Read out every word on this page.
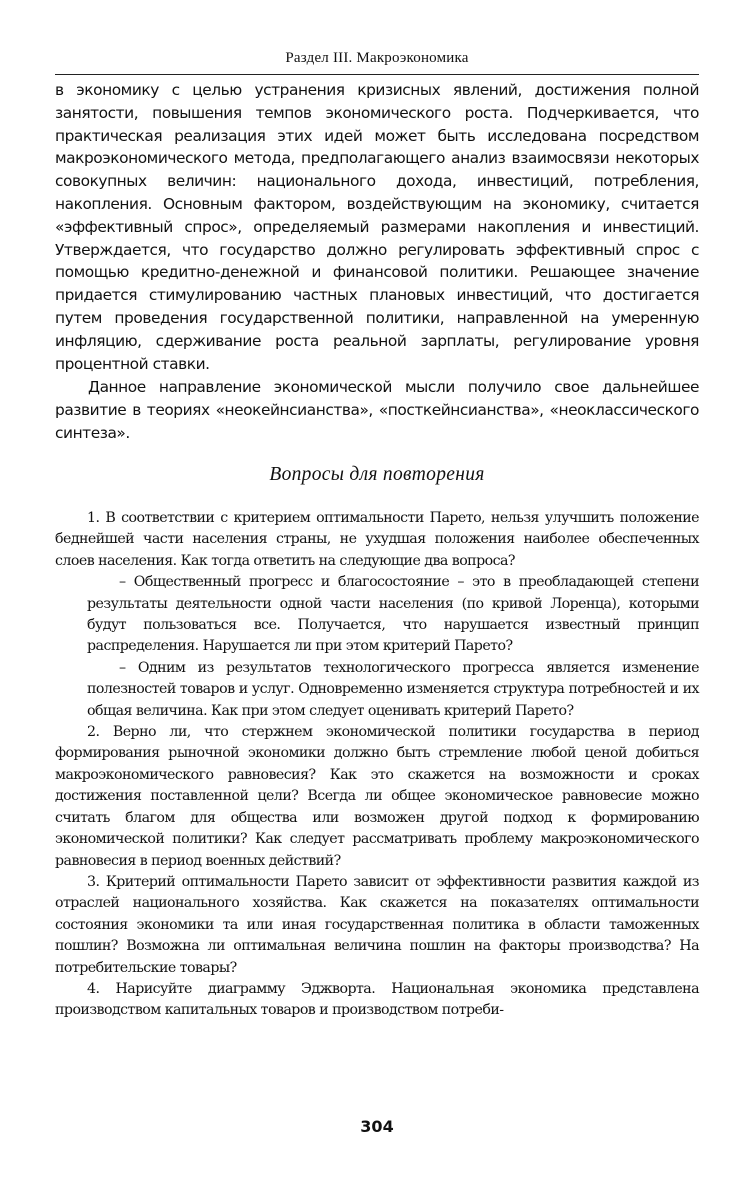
Раздел III. Макроэкономика

в экономику с целью устранения кризисных явлений, достижения полной занятости, повышения темпов экономического роста. Подчеркивается, что практическая реализация этих идей может быть исследована посредством макроэкономического метода, предполагающего анализ взаимосвязи некоторых совокупных величин: национального дохода, инвестиций, потребления, накопления. Основным фактором, воздействующим на экономику, считается «эффективный спрос», определяемый размерами накопления и инвестиций. Утверждается, что государство должно регулировать эффективный спрос с помощью кредитно-денежной и финансовой политики. Решающее значение придается стимулированию частных плановых инвестиций, что достигается путем проведения государственной политики, направленной на умеренную инфляцию, сдерживание роста реальной зарплаты, регулирование уровня процентной ставки.

Данное направление экономической мысли получило свое дальнейшее развитие в теориях «неокейнсианства», «посткейнсианства», «неоклассического синтеза».

Вопросы для повторения

1. В соответствии с критерием оптимальности Парето, нельзя улучшить положение беднейшей части населения страны, не ухудшая положения наиболее обеспеченных слоев населения. Как тогда ответить на следующие два вопроса?

– Общественный прогресс и благосостояние – это в преобладающей степени результаты деятельности одной части населения (по кривой Лоренца), которыми будут пользоваться все. Получается, что нарушается известный принцип распределения. Нарушается ли при этом критерий Парето?

– Одним из результатов технологического прогресса является изменение полезностей товаров и услуг. Одновременно изменяется структура потребностей и их общая величина. Как при этом следует оценивать критерий Парето?

2. Верно ли, что стержнем экономической политики государства в период формирования рыночной экономики должно быть стремление любой ценой добиться макроэкономического равновесия? Как это скажется на возможности и сроках достижения поставленной цели? Всегда ли общее экономическое равновесие можно считать благом для общества или возможен другой подход к формированию экономической политики? Как следует рассматривать проблему макроэкономического равновесия в период военных действий?

3. Критерий оптимальности Парето зависит от эффективности развития каждой из отраслей национального хозяйства. Как скажется на показателях оптимальности состояния экономики та или иная государственная политика в области таможенных пошлин? Возможна ли оптимальная величина пошлин на факторы производства? На потребительские товары?

4. Нарисуйте диаграмму Эджворта. Национальная экономика представлена производством капитальных товаров и производством потреби-

304
